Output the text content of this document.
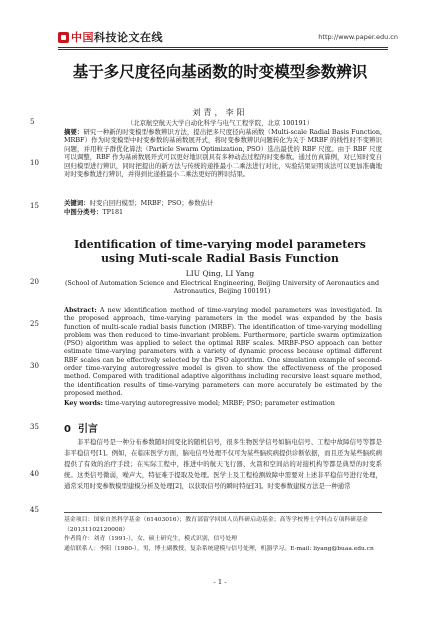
中国科技论文在线	http://www.paper.edu.cn
基于多尺度径向基函数的时变模型参数辨识
刘青，李阳
（北京航空航天大学自动化科学与电气工程学院，北京 100191）
5
10
15
20
25
30
35
40
45
摘要：研究一种新的时变模型参数辨识方法，提出把多尺度径向基函数（Multi-scale Radial Basis Function, MRBF）作为时变模型中时变参数的基函数展开式，将时变参数辨识问题转化为关于 MRBF 的线性时不变辨识问题，并用粒子群优化算法（Particle Swarm Optimization, PSO）选出最优的 RBF 尺度。由于 RBF 尺度可以调整，RBF 作为基函数展开式可以更好地识别具有多种动态过程的时变参数。通过仿真算例，对已知时变自回归模型进行辨识，同时把提出的新方法与传统的递推最小二乘法进行对比，实验结果证明该法可以更加准确地对时变参数进行辨识，并得到比递推最小二乘法更好的辨识结果。
关键词：时变自回归模型；MRBF；PSO；参数估计
中图分类号：TP181
Identification of time-varying model parameters using Muti-scale Radial Basis Function
LIU Qing, LI Yang
(School of Automation Science and Electrical Engineering, Beijing University of Aeronautics and Astronautics, Beijing 100191)
Abstract: A new identification method of time-varying model parameters was investigated. In the proposed approach, time-varying parameters in the model was expanded by the basis function of multi-scale radial basis function (MRBF). The identification of time-varying modelling problem was then reduced to time-invariant problem. Furthermore, particle swarm optimization (PSO) algorithm was applied to select the optimal RBF scales. MRBF-PSO appoach can better estimate time-varying parameters with a variety of dynamic process because optimal different RBF scales can be effectively selected by the PSO algorithm. One simulation example of second-order time-varying autoregressive model is given to show the effectiveness of the proposed method. Compared with traditional adaptive algorithms including recursive least square method, the identification results of time-varying parameters can more accurately be estimated by the proposed method.
Key words: time-varying autoregressive model; MRBF; PSO; parameter estimation
0 引言
非平稳信号是一种分布参数随时间变化的随机信号，很多生物医学信号如脑电信号、工程中故障信号等都是非平稳信号[1]。例如，在临床医学方面，脑电信号处理不仅可为某些脑疾病提供诊断依据，而且还为某些脑疾病提供了有效的治疗手段；在实际工程中，推进中的航天飞行器、火箭和空间站的对接机构等都是典型的时变系统。这类信号微弱，噪声大，特征难于提取及处理。医学上及工程检测故障中需要对上述非平稳信号进行处理，通常采用时变参数模型建模分析及处理[2]，以获取信号的瞬时特征[3]。时变参数建模方法是一种通常
基金项目：国家自然科学基金（61403016）；教育部留学回国人员科研启动基金；高等学校博士学科点专项科研基金（20131102120008）
作者简介：刘青（1991-），女，硕士研究生，模式识别，信号处理
通信联系人：李阳（1980-），男，博士副教授，复杂系统建模与信号处理，机器学习。E-mail: liyang@buaa.edu.cn
- 1 -
